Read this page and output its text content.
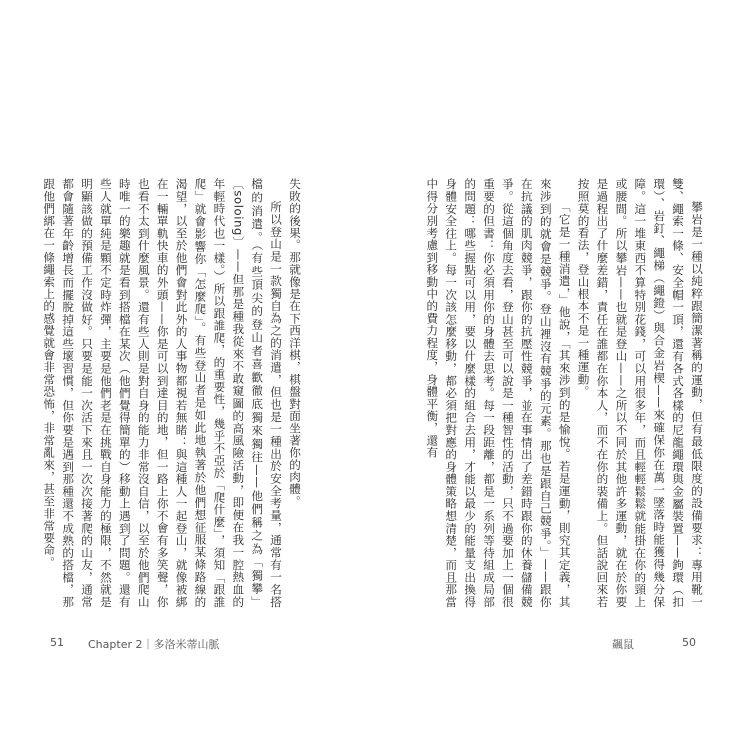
攀岩是一種以純粹跟簡潔著稱的運動，但有最低限度的設備要求：專用靴一雙、繩索一條、安全帽一頂，還有各式各樣的尼龍繩環與金屬裝置——鉤環（扣環）、岩釘、繩梯（繩鐙）與合金岩楔——來確保你在萬一墜落時能獲得幾分保障。這一堆東西不算特別花錢，可以用很多年，而且輕輕鬆鬆就能掛在你的頸上或腰間。所以攀岩——也就是登山——之所以不同於其他許多運動，就在於你要是過程出了什麼差錯，責任在誰都在你本人，而不在你的裝備上。但話說回來若按照莫的看法，登山根本不是一種運動。

「它是一種消遣，」他說，「其來涉到的是愉悅。若是運動，則究其定義，其來涉到的就會是競爭。登山裡沒有競爭的元素。那也是跟自己競爭。」——跟你在抗議的肌肉競爭，跟你的抗壓性競爭，並在事情出了差錯時跟你的休養儲備競爭。從這個角度去看，登山甚至可以說是一種智性的活動，只不過要加上一個很重要的但書：你必須用你的身體去思考。每一段距離，都是一系列等待組成局部的問題：哪些握點可以用，要以什麼樣的組合去用，才能以最少的能量支出換得身體安全往上。每一次該怎麼移動，都必須把對應的身體策略想清楚，而且那當中得分別考慮到移動中的費力程度，身體平衡，還有

失敗的後果。那就像是在下西洋棋，棋盤對面坐著你的肉體。

所以登山是一款獨自為之的消遣，但也是一種出於安全考量，通常有一名搭檔的消遣。（有些頂尖的登山者喜歡徹底獨來獨往——他們稱之為「獨攀」〔soloing〕——但那是種我從來不敢窺圖的高風險活動，即便在我一腔熱血的年輕時代也一樣。）所以跟誰爬，的重要性，幾乎不亞於「爬什麼」，須知「跟誰爬」就會影響你「怎麼爬」。有些登山者是如此地執著於他們想征服某條路線的渴望，以至於他們會對此外的人事物都視若無睹：與這種人一起登山，就像被綁在一輛單軌快車的外頭——你是可以到達目的地，但一路上你不會有多笑聲，你也看不太到什麼風景。還有些人則是對自身的能力非常沒自信，以至於他們爬山時唯一的樂趣就是看到搭檔在某次（他們覺得簡單的）移動上遇到了問題。還有些人就單純是顆不定時炸彈，主要是他們老是在挑戰自身能力的極限，不然就是明顯該做的預備工作沒做好。只要是能一次活下來且一次次接著爬的山友，通常都會隨著年齡增長而擺脫掉這些壞習慣，但你要是遇到那種還不成熟的搭檔，那跟他們綁在一條繩索上的感覺就會非常恐怖，非常亂來，甚至非常要命。

51 Chapter 2｜多洛米蒂山脈	飆鼠	50
